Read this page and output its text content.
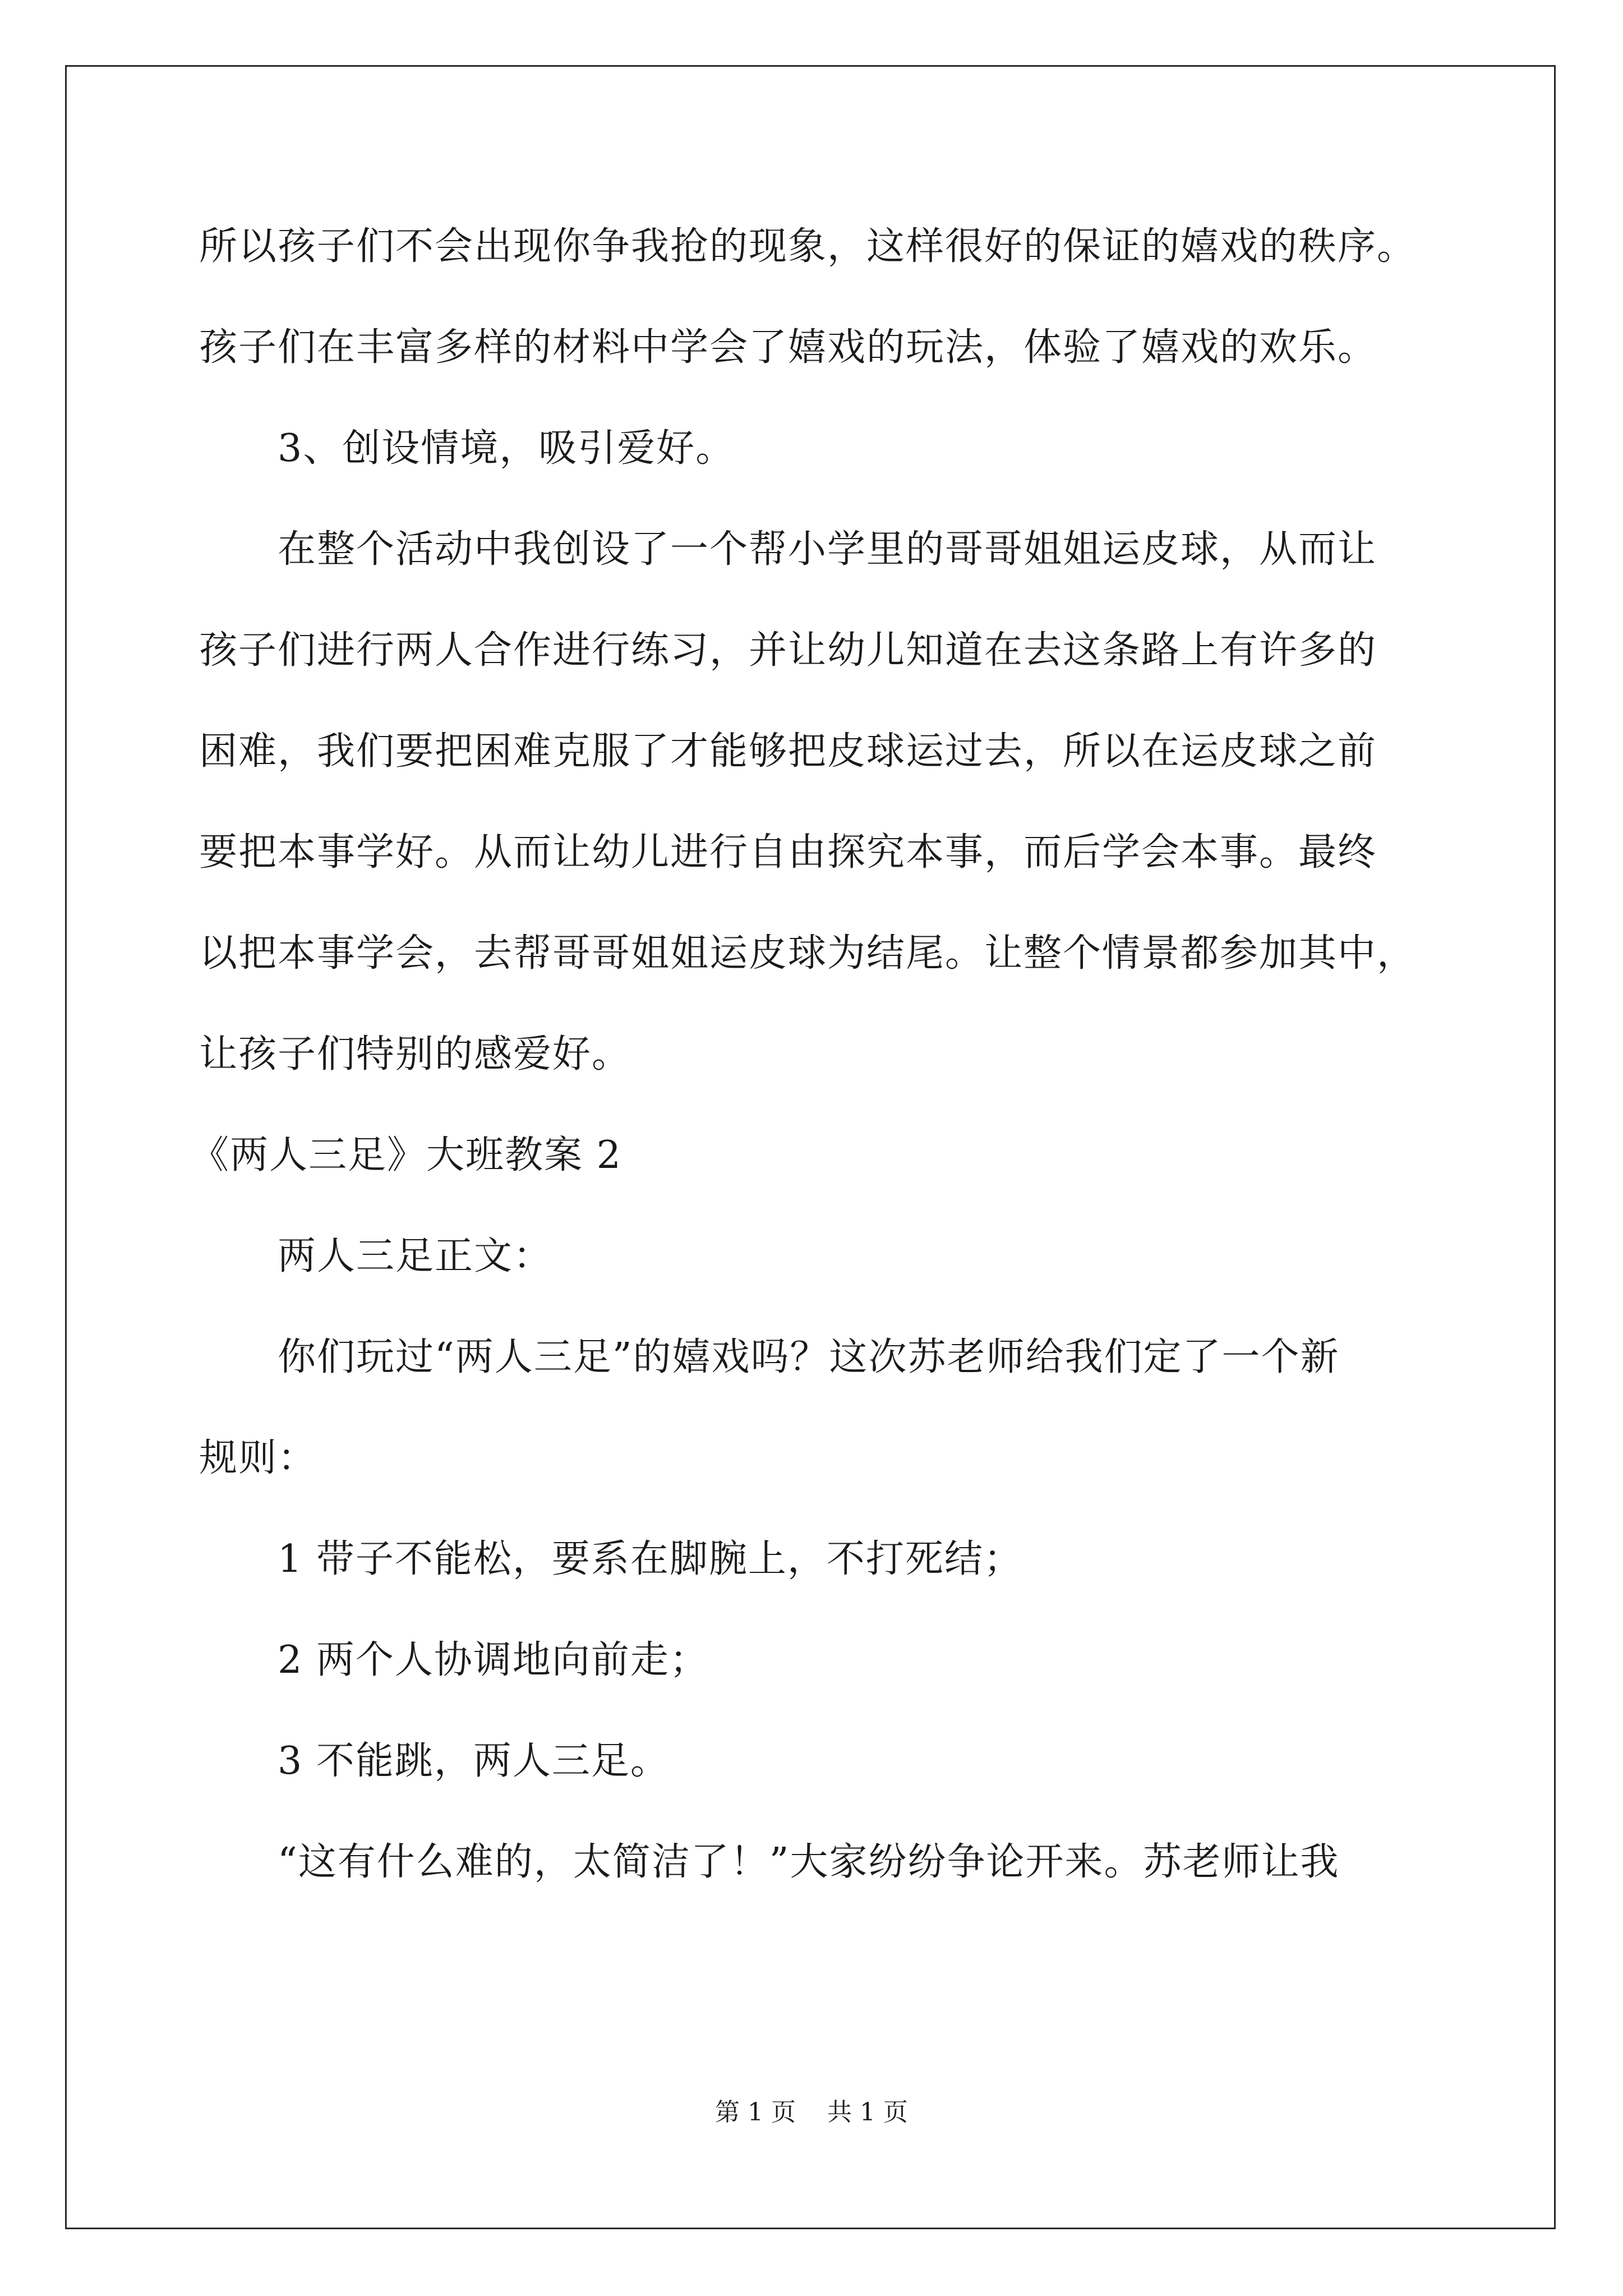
所以孩子们不会出现你争我抢的现象，这样很好的保证的嬉戏的秩序。
孩子们在丰富多样的材料中学会了嬉戏的玩法，体验了嬉戏的欢乐。
3、创设情境，吸引爱好。
在整个活动中我创设了一个帮小学里的哥哥姐姐运皮球，从而让
孩子们进行两人合作进行练习，并让幼儿知道在去这条路上有许多的
困难，我们要把困难克服了才能够把皮球运过去，所以在运皮球之前
要把本事学好。从而让幼儿进行自由探究本事，而后学会本事。最终
以把本事学会，去帮哥哥姐姐运皮球为结尾。让整个情景都参加其中，
让孩子们特别的感爱好。
《两人三足》大班教案 2
两人三足正文：
你们玩过“两人三足”的嬉戏吗？这次苏老师给我们定了一个新
规则：
1 带子不能松，要系在脚腕上，不打死结；
2 两个人协调地向前走；
3 不能跳，两人三足。
“这有什么难的，太简洁了！”大家纷纷争论开来。苏老师让我
第 1 页    共 1 页
